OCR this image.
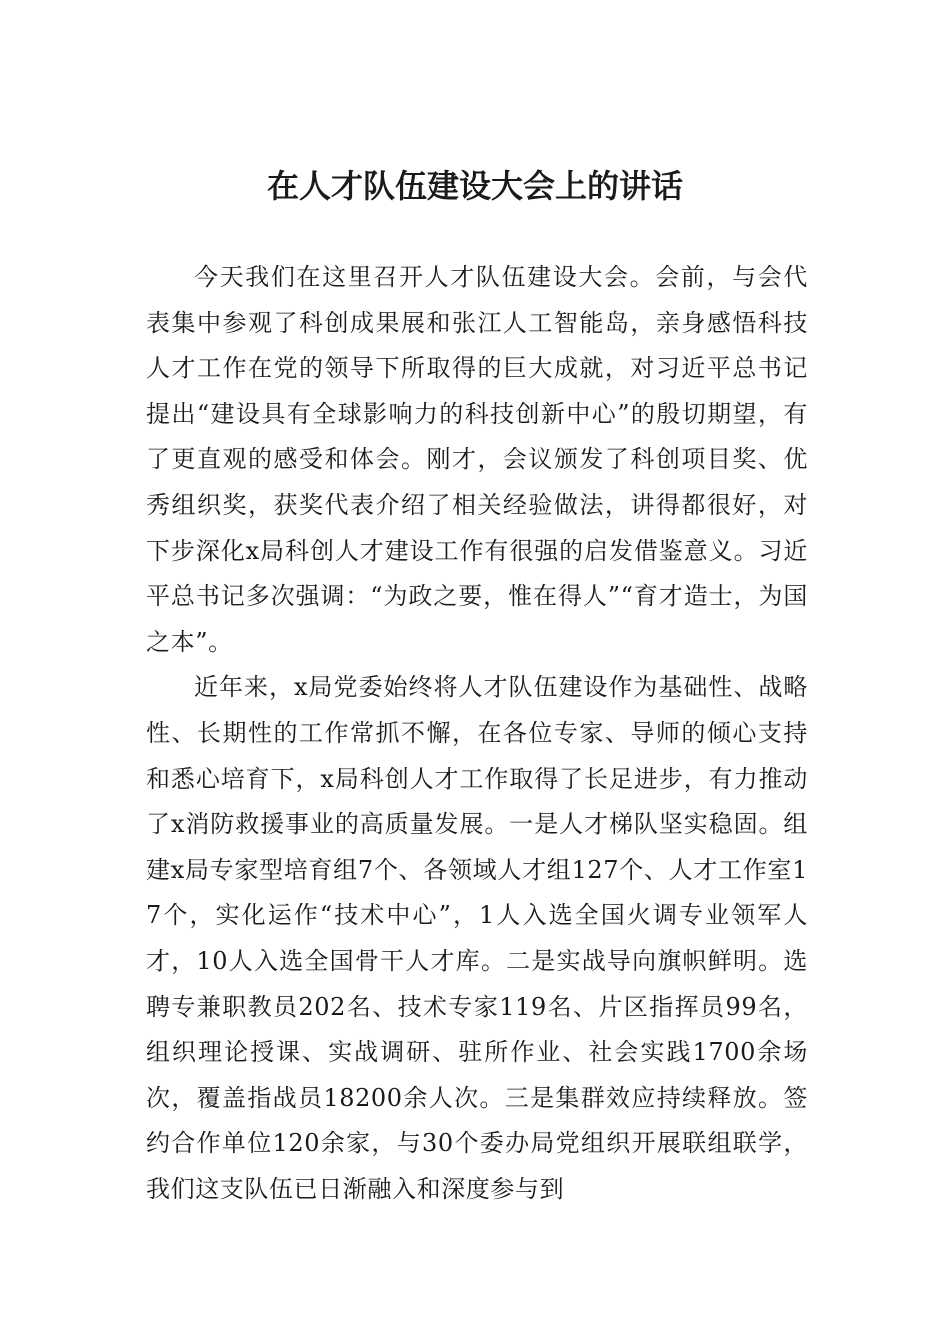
在人才队伍建设大会上的讲话

今天我们在这里召开人才队伍建设大会。会前，与会代表集中参观了科创成果展和张江人工智能岛，亲身感悟科技人才工作在党的领导下所取得的巨大成就，对习近平总书记提出“建设具有全球影响力的科技创新中心”的殷切期望，有了更直观的感受和体会。刚才，会议颁发了科创项目奖、优秀组织奖，获奖代表介绍了相关经验做法，讲得都很好，对下步深化x局科创人才建设工作有很强的启发借鉴意义。习近平总书记多次强调：“为政之要，惟在得人”“育才造士，为国之本”。

近年来，x局党委始终将人才队伍建设作为基础性、战略性、长期性的工作常抓不懈，在各位专家、导师的倾心支持和悉心培育下，x局科创人才工作取得了长足进步，有力推动了x消防救援事业的高质量发展。一是人才梯队坚实稳固。组建x局专家型培育组7个、各领域人才组127个、人才工作室17个，实化运作“技术中心”，1人入选全国火调专业领军人才，10人入选全国骨干人才库。二是实战导向旗帜鲜明。选聘专兼职教员202名、技术专家119名、片区指挥员99名，组织理论授课、实战调研、驻所作业、社会实践1700余场次，覆盖指战员18200余人次。三是集群效应持续释放。签约合作单位120余家，与30个委办局党组织开展联组联学，我们这支队伍已日渐融入和深度参与到
